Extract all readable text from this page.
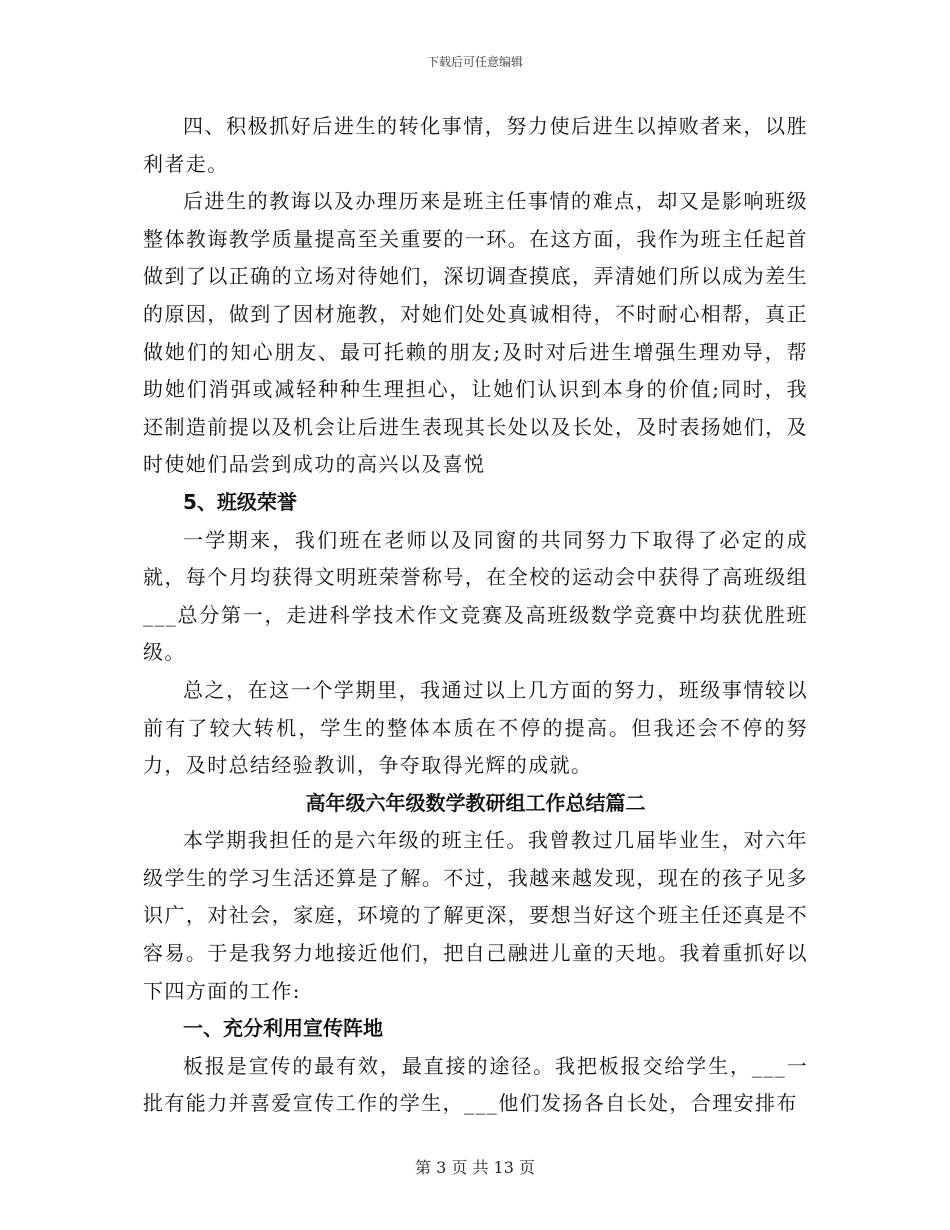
下载后可任意编辑

四、积极抓好后进生的转化事情，努力使后进生以掉败者来，以胜利者走。

后进生的教诲以及办理历来是班主任事情的难点，却又是影响班级整体教诲教学质量提高至关重要的一环。在这方面，我作为班主任起首做到了以正确的立场对待她们，深切调查摸底，弄清她们所以成为差生的原因，做到了因材施教，对她们处处真诚相待，不时耐心相帮，真正做她们的知心朋友、最可托赖的朋友;及时对后进生增强生理劝导，帮助她们消弭或减轻种种生理担心，让她们认识到本身的价值;同时，我还制造前提以及机会让后进生表现其长处以及长处，及时表扬她们，及时使她们品尝到成功的高兴以及喜悦

5、班级荣誉

一学期来，我们班在老师以及同窗的共同努力下取得了必定的成就，每个月均获得文明班荣誉称号，在全校的运动会中获得了高班级组___总分第一，走进科学技术作文竞赛及高班级数学竞赛中均获优胜班级。

总之，在这一个学期里，我通过以上几方面的努力，班级事情较以前有了较大转机，学生的整体本质在不停的提高。但我还会不停的努力，及时总结经验教训，争夺取得光辉的成就。

高年级六年级数学教研组工作总结篇二

本学期我担任的是六年级的班主任。我曾教过几届毕业生，对六年级学生的学习生活还算是了解。不过，我越来越发现，现在的孩子见多识广，对社会，家庭，环境的了解更深，要想当好这个班主任还真是不容易。于是我努力地接近他们，把自己融进儿童的天地。我着重抓好以下四方面的工作:

一、充分利用宣传阵地

板报是宣传的最有效，最直接的途径。我把板报交给学生，___一批有能力并喜爱宣传工作的学生，___他们发扬各自长处，合理安排布

第 3 页 共 13 页
